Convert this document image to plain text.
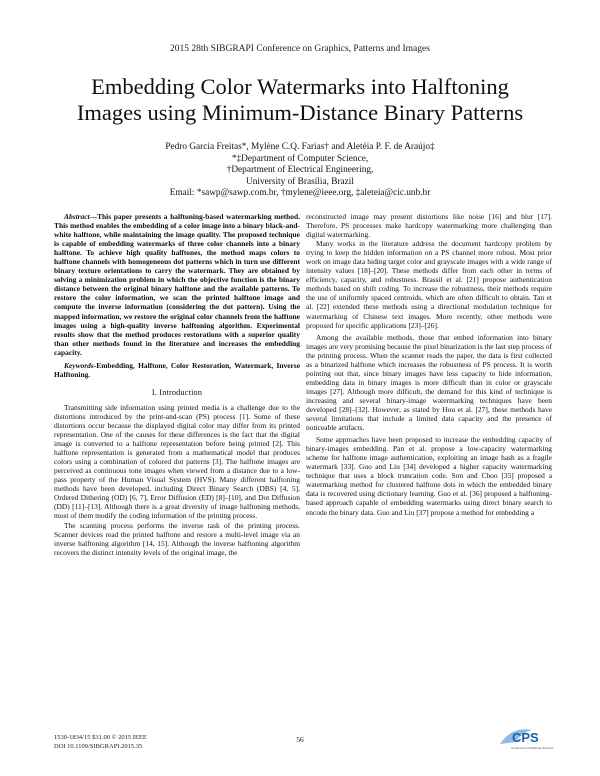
2015 28th SIBGRAPI Conference on Graphics, Patterns and Images
Embedding Color Watermarks into Halftoning
Images using Minimum-Distance Binary Patterns
Pedro Garcia Freitas*, Mylène C.Q. Farias† and Aletéia P. F. de Araújo‡
*‡Department of Computer Science,
†Department of Electrical Engineering,
University of Brasília, Brazil
Email: *sawp@sawp.com.br, †mylene@ieee.org, ‡aleteia@cic.unb.br

Abstract—This paper presents a halftoning-based watermarking method. This method enables the embedding of a color image into a binary black-and-white halftone, while maintaining the image quality. The proposed technique is capable of embedding watermarks of three color channels into a binary halftone. To achieve high quality halftones, the method maps colors to halftone channels with homogeneous dot patterns which in turn use different binary texture orientations to carry the watermark. They are obtained by solving a minimization problem in which the objective function is the binary distance between the original binary halftone and the available patterns. To restore the color information, we scan the printed halftone image and compute the inverse information (considering the dot pattern). Using the mapped information, we restore the original color channels from the halftone images using a high-quality inverse halftoning algorithm. Experimental results show that the method produces restorations with a superior quality than other methods found in the literature and increases the embedding capacity.

Keywords-Embedding, Halftone, Color Restoration, Watermark, Inverse Halftoning.

I. Introduction

Transmitting side information using printed media is a challenge due to the distortions introduced by the print-and-scan (PS) process [1]. Some of these distortions occur because the displayed digital color may differ from its printed representation. One of the causes for these differences is the fact that the digital image is converted to a halftone representation before being printed [2]. This halftone representation is generated from a mathematical model that produces colors using a combination of colored dot patterns [3]. The halftone images are perceived as continuous tone images when viewed from a distance due to a low-pass property of the Human Visual System (HVS). Many different halftoning methods have been developed, including Direct Binary Search (DBS) [4, 5], Ordered Dithering (OD) [6, 7], Error Diffusion (ED) [8]–[10], and Dot Diffusion (DD) [11]–[13]. Although there is a great diversity of image halftoning methods, most of them modify the coding information of the printing process.

The scanning process performs the inverse task of the printing process. Scanner devices read the printed halftone and restore a multi-level image via an inverse halftoning algorithm [14, 15]. Although the inverse halftoning algorithm recovers the distinct intensity levels of the original image, the

reconstructed image may present distortions like noise [16] and blur [17]. Therefore, PS processes make hardcopy watermarking more challenging than digital watermarking.

Many works in the literature address the document hardcopy problem by trying to keep the hidden information on a PS channel more robust. Most prior work on image data hiding target color and grayscale images with a wide range of intensity values [18]–[20]. These methods differ from each other in terms of efficiency, capacity, and robustness. Brassil et al. [21] propose authentication methods based on shift coding. To increase the robustness, their methods require the use of uniformly spaced centroids, which are often difficult to obtain. Tan et al. [22] extended these methods using a directional modulation technique for watermarking of Chinese text images. More recently, other methods were proposed for specific applications [23]–[26].

Among the available methods, those that embed information into binary images are very promising because the pixel binarization is the last step process of the printing process. When the scanner reads the paper, the data is first collected as a binarized halftone which increases the robustness of PS process. It is worth pointing out that, since binary images have less capacity to hide information, embedding data in binary images is more difficult than in color or grayscale images [27]. Although more difficult, the demand for this kind of technique is increasing and several binary-image watermarking techniques have been developed [28]–[32]. However, as stated by Hou et al. [27], these methods have several limitations that include a limited data capacity and the presence of noticeable artifacts.

Some approaches have been proposed to increase the embedding capacity of binary-images embedding. Pan et al. propose a low-capacity watermarking scheme for halftone image authentication, exploiting an image hash as a fragile watermark [33]. Guo and Liu [34] developed a higher capacity watermarking technique that uses a block truncation code. Son and Choo [35] proposed a watermarking method for clustered halftone dots in which the embedded binary data is recovered using dictionary learning. Guo et al. [36] proposed a halftoning-based approach capable of embedding watermarks using direct binary search to encode the binary data. Guo and Liu [37] propose a method for embedding a

1530-1834/15 $31.00 © 2015 IEEE
DOI 10.1109/SIBGRAPI.2015.35
56	CPS
Conference Publishing Services
